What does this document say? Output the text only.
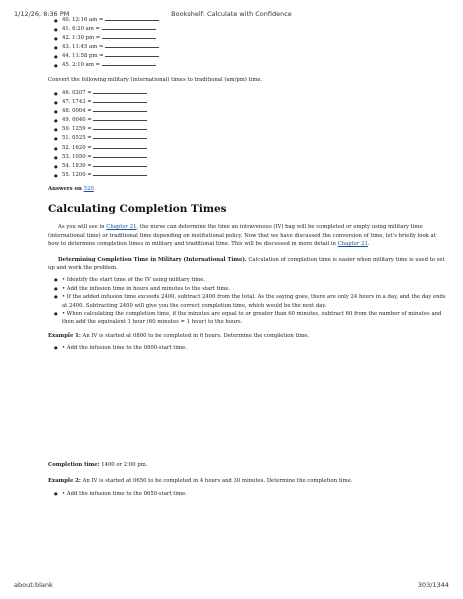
1/12/26, 8:36 PM	Bookshelf: Calculate with Confidence
● 40. 12:16 am =
● 41. 6:20 am =
● 42. 1:30 pm =
● 43. 11:45 am =
● 44. 11:58 pm =
● 45. 2:10 am =

Convert the following military (international) times to traditional (am/pm) time.

● 46. 0207 =
● 47. 1743 =
● 48. 0004 =
● 49. 0040 =
● 50. 1259 =
● 51. 0525 =
● 52. 1620 =
● 53. 1050 =
● 54. 1830 =
● 55. 1200 =

Answers on 520

Calculating Completion Times

As you will see in Chapter 21, the nurse can determine the time an intravenous (IV) bag will be completed or empty using military time (international time) or traditional time depending on institutional policy. Now that we have discussed the conversion of time, let's briefly look at how to determine completion times in military and traditional time. This will be discussed in more detail in Chapter 21.

Determining Completion Time in Military (International Time). Calculation of completion time is easier when military time is used to set up and work the problem.

● • Identify the start time of the IV using military time.
● • Add the infusion time in hours and minutes to the start time.
● • If the added infusion time exceeds 2400, subtract 2400 from the total. As the saying goes, there are only 24 hours in a day, and the day ends at 2400. Subtracting 2400 will give you the correct completion time, which would be the next day.
● • When calculating the completion time, if the minutes are equal to or greater than 60 minutes, subtract 60 from the number of minutes and then add the equivalent 1 hour (60 minutes = 1 hour) to the hours.

Example 1: An IV is started at 0800 to be completed in 6 hours. Determine the completion time.

● • Add the infusion time to the 0800-start time.

Completion time: 1400 or 2:00 pm.

Example 2: An IV is started at 0650 to be completed in 4 hours and 30 minutes. Determine the completion time.

● • Add the infusion time to the 0650-start time.
about:blank	303/1344
